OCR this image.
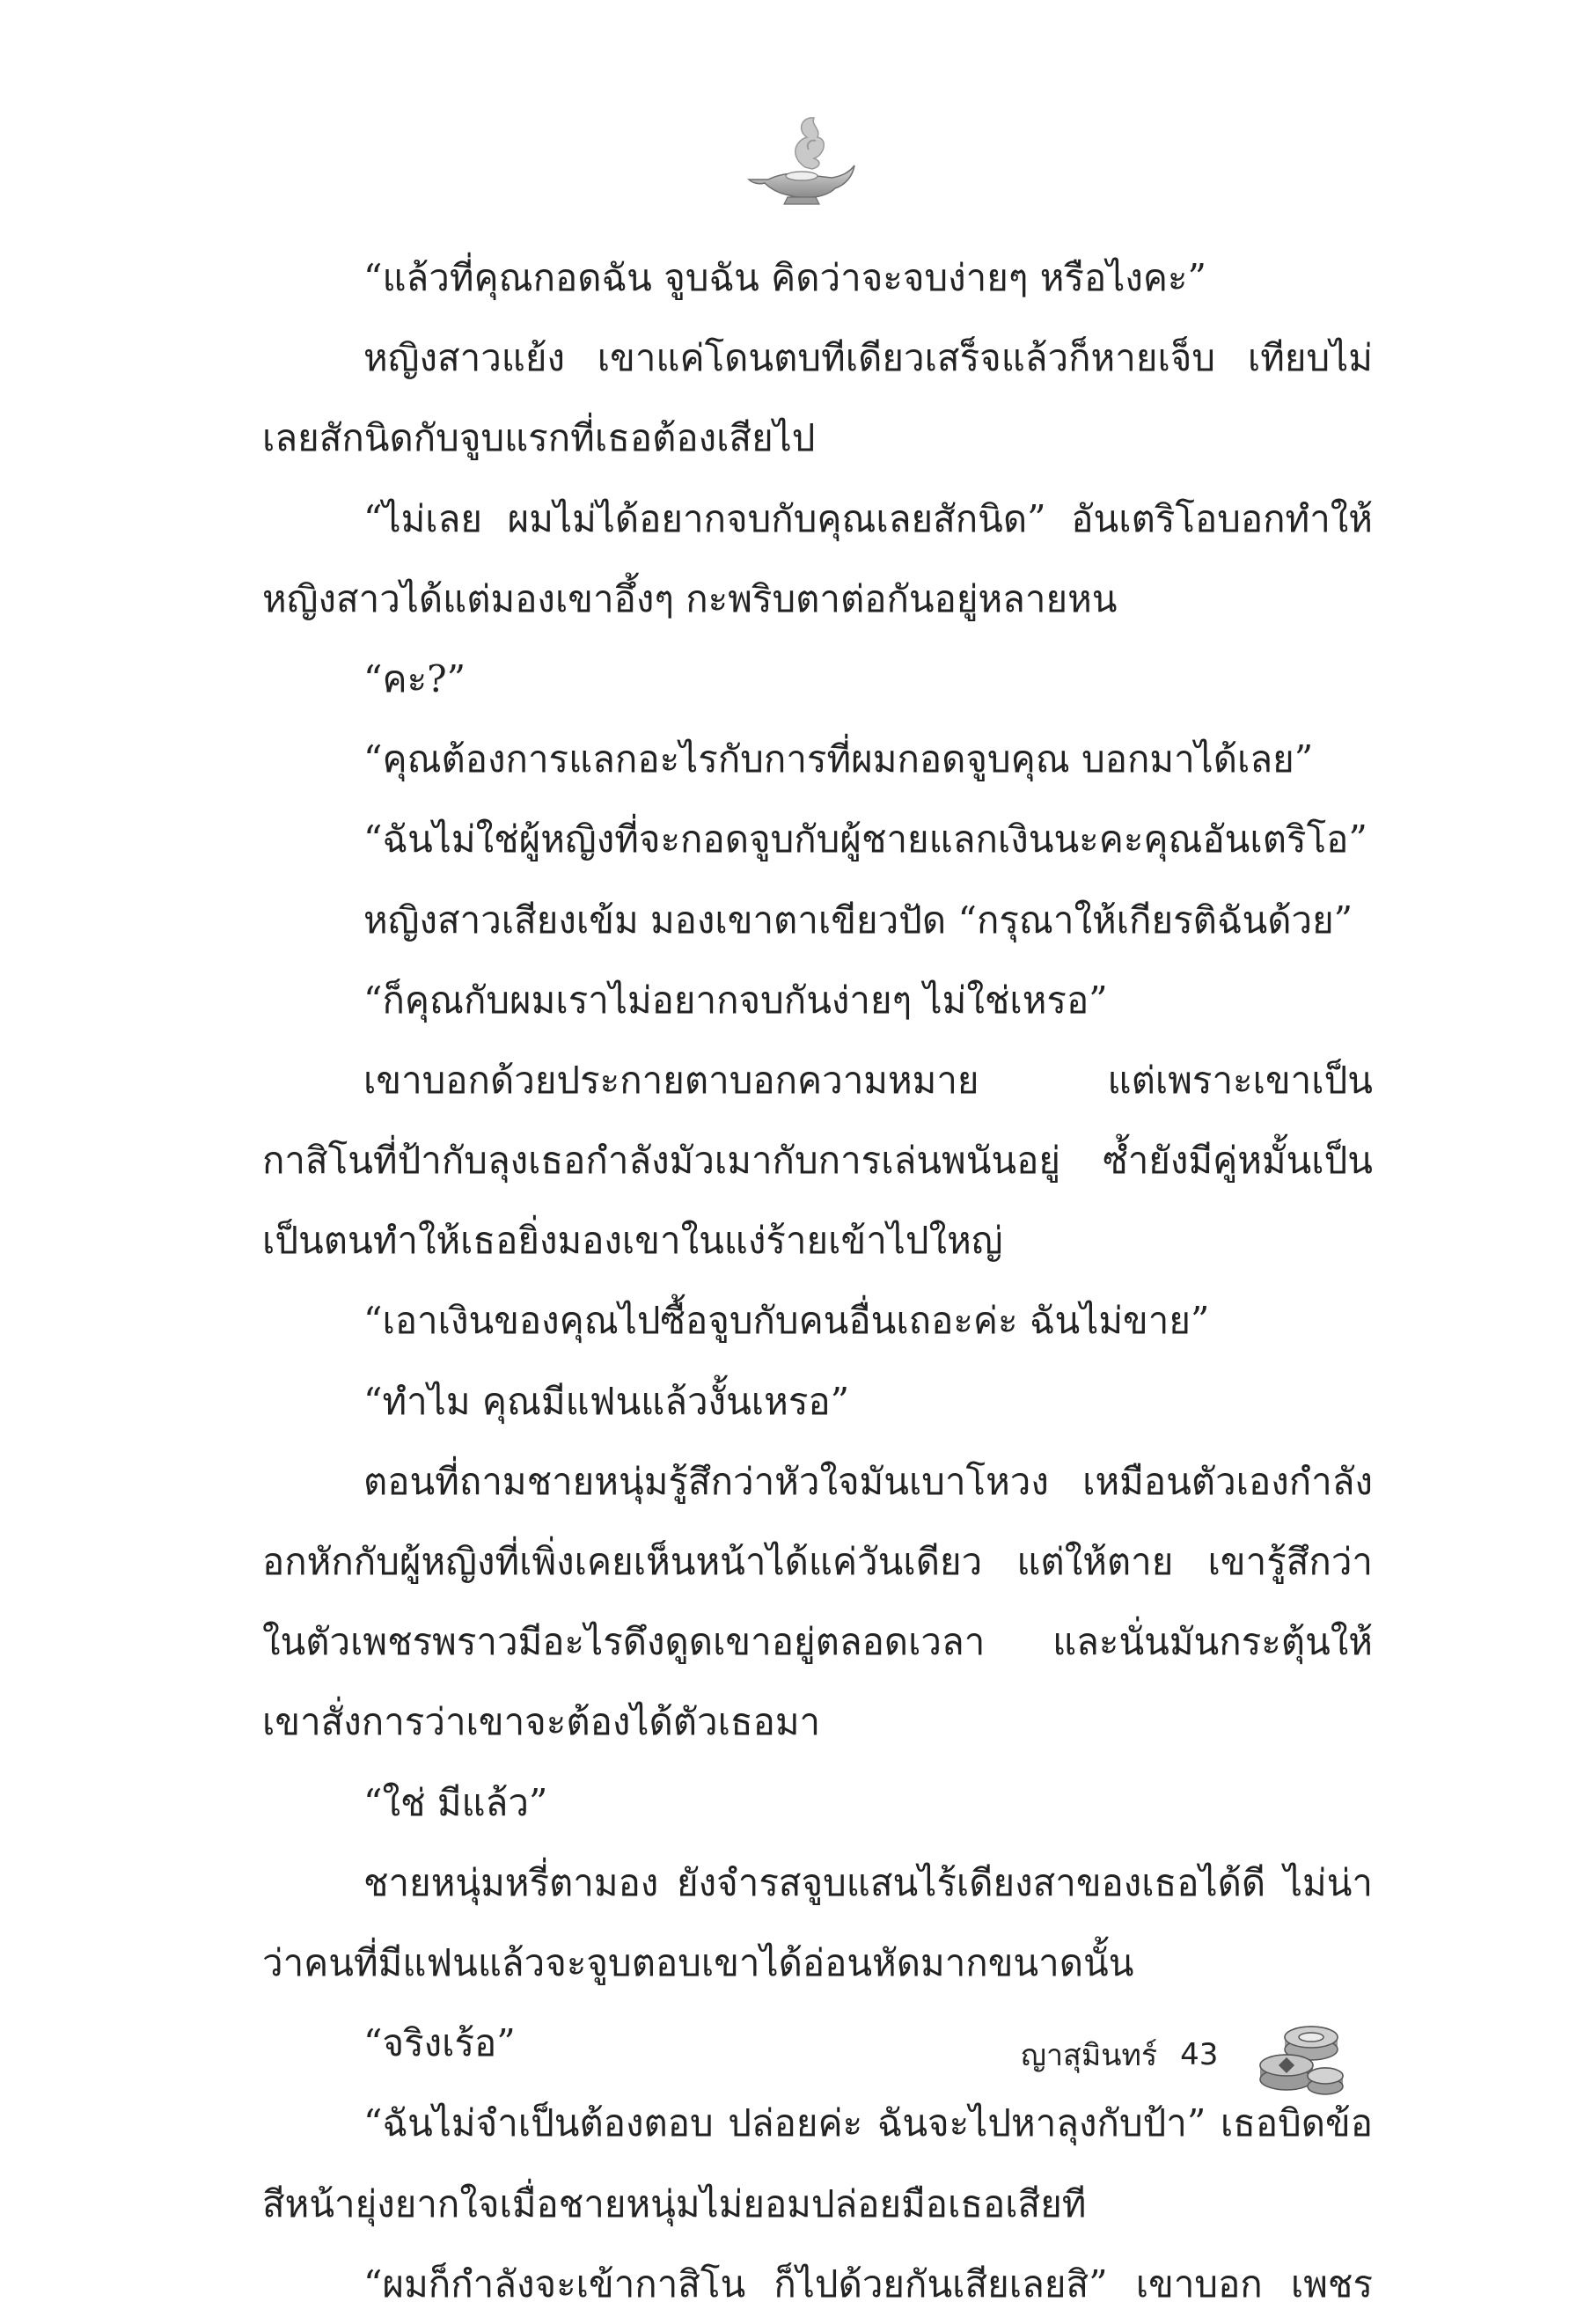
“แล้วที่คุณกอดฉัน จูบฉัน คิดว่าจะจบง่ายๆ หรือไงคะ”
หญิงสาวแย้ง เขาแค่โดนตบทีเดียวเสร็จแล้วก็หายเจ็บ เทียบไม่
เลยสักนิดกับจูบแรกที่เธอต้องเสียไป
“ไม่เลย ผมไม่ได้อยากจบกับคุณเลยสักนิด” อันเตริโอบอกทำให้
หญิงสาวได้แต่มองเขาอึ้งๆ กะพริบตาต่อกันอยู่หลายหน
“คะ?”
“คุณต้องการแลกอะไรกับการที่ผมกอดจูบคุณ บอกมาได้เลย”
“ฉันไม่ใช่ผู้หญิงที่จะกอดจูบกับผู้ชายแลกเงินนะคะคุณอันเตริโอ”
หญิงสาวเสียงเข้ม มองเขาตาเขียวปัด “กรุณาให้เกียรติฉันด้วย”
“ก็คุณกับผมเราไม่อยากจบกันง่ายๆ ไม่ใช่เหรอ”
เขาบอกด้วยประกายตาบอกความหมาย แต่เพราะเขาเป็น
กาสิโนที่ป้ากับลุงเธอกำลังมัวเมากับการเล่นพนันอยู่ ซ้ำยังมีคู่หมั้นเป็น
เป็นตนทำให้เธอยิ่งมองเขาในแง่ร้ายเข้าไปใหญ่
“เอาเงินของคุณไปซื้อจูบกับคนอื่นเถอะค่ะ ฉันไม่ขาย”
“ทำไม คุณมีแฟนแล้วงั้นเหรอ”
ตอนที่ถามชายหนุ่มรู้สึกว่าหัวใจมันเบาโหวง เหมือนตัวเองกำลัง
อกหักกับผู้หญิงที่เพิ่งเคยเห็นหน้าได้แค่วันเดียว แต่ให้ตาย เขารู้สึกว่า
ในตัวเพชรพราวมีอะไรดึงดูดเขาอยู่ตลอดเวลา และนั่นมันกระตุ้นให้
เขาสั่งการว่าเขาจะต้องได้ตัวเธอมา
“ใช่ มีแล้ว”
ชายหนุ่มหรี่ตามอง ยังจำรสจูบแสนไร้เดียงสาของเธอได้ดี ไม่น่า
ว่าคนที่มีแฟนแล้วจะจูบตอบเขาได้อ่อนหัดมากขนาดนั้น
“จริงเร้อ”
“ฉันไม่จำเป็นต้องตอบ ปล่อยค่ะ ฉันจะไปหาลุงกับป้า” เธอบิดข้อ
สีหน้ายุ่งยากใจเมื่อชายหนุ่มไม่ยอมปล่อยมือเธอเสียที
“ผมก็กำลังจะเข้ากาสิโน ก็ไปด้วยกันเสียเลยสิ” เขาบอก เพชร
ญาสุมินทร์ 43
